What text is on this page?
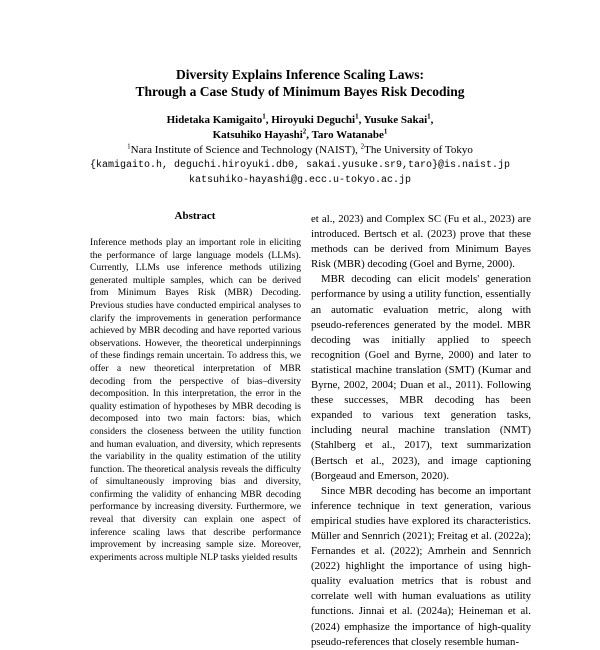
Diversity Explains Inference Scaling Laws:
Through a Case Study of Minimum Bayes Risk Decoding
Hidetaka Kamigaito$^1$, Hiroyuki Deguchi$^1$, Yusuke Sakai$^1$,
Katsuhiko Hayashi$^2$, Taro Watanabe$^1$
$^1$Nara Institute of Science and Technology (NAIST), $^2$The University of Tokyo
{kamigaito.h, deguchi.hiroyuki.db0, sakai.yusuke.sr9,taro}@is.naist.jp
katsuhiko-hayashi@g.ecc.u-tokyo.ac.jp
Abstract
Inference methods play an important role in eliciting the performance of large language models (LLMs). Currently, LLMs use inference methods utilizing generated multiple samples, which can be derived from Minimum Bayes Risk (MBR) Decoding. Previous studies have conducted empirical analyses to clarify the improvements in generation performance achieved by MBR decoding and have reported various observations. However, the theoretical underpinnings of these findings remain uncertain. To address this, we offer a new theoretical interpretation of MBR decoding from the perspective of bias–diversity decomposition. In this interpretation, the error in the quality estimation of hypotheses by MBR decoding is decomposed into two main factors: bias, which considers the closeness between the utility function and human evaluation, and diversity, which represents the variability in the quality estimation of the utility function. The theoretical analysis reveals the difficulty of simultaneously improving bias and diversity, confirming the validity of enhancing MBR decoding performance by increasing diversity. Furthermore, we reveal that diversity can explain one aspect of inference scaling laws that describe performance improvement by increasing sample size. Moreover, experiments across multiple NLP tasks yielded results

et al., 2023) and Complex SC (Fu et al., 2023) are introduced. Bertsch et al. (2023) prove that these methods can be derived from Minimum Bayes Risk (MBR) decoding (Goel and Byrne, 2000).

MBR decoding can elicit models' generation performance by using a utility function, essentially an automatic evaluation metric, along with pseudo-references generated by the model. MBR decoding was initially applied to speech recognition (Goel and Byrne, 2000) and later to statistical machine translation (SMT) (Kumar and Byrne, 2002, 2004; Duan et al., 2011). Following these successes, MBR decoding has been expanded to various text generation tasks, including neural machine translation (NMT) (Stahlberg et al., 2017), text summarization (Bertsch et al., 2023), and image captioning (Borgeaud and Emerson, 2020).

Since MBR decoding has become an important inference technique in text generation, various empirical studies have explored its characteristics. Müller and Sennrich (2021); Freitag et al. (2022a); Fernandes et al. (2022); Amrhein and Sennrich (2022) highlight the importance of using high-quality evaluation metrics that is robust and correlate well with human evaluations as utility functions. Jinnai et al. (2024a); Heineman et al. (2024) emphasize the importance of high-quality pseudo-references that closely resemble human-
